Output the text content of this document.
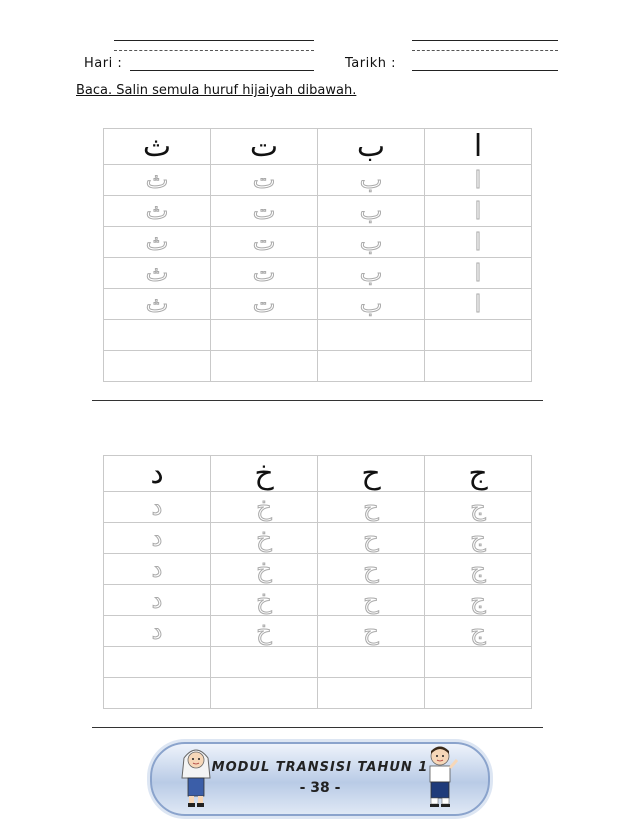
Hari :	Tarikh :
Baca. Salin semula huruf hijaiyah dibawah.
ث	ت	ب	ا
ث	ت	ب	ا
ث	ت	ب	ا
ث	ت	ب	ا
ث	ت	ب	ا
ث	ت	ب	ا

د	خ	ح	ج
د	خ	ح	ج
د	خ	ح	ج
د	خ	ح	ج
د	خ	ح	ج
د	خ	ح	ج

MODUL TRANSISI TAHUN 1
- 38 -
